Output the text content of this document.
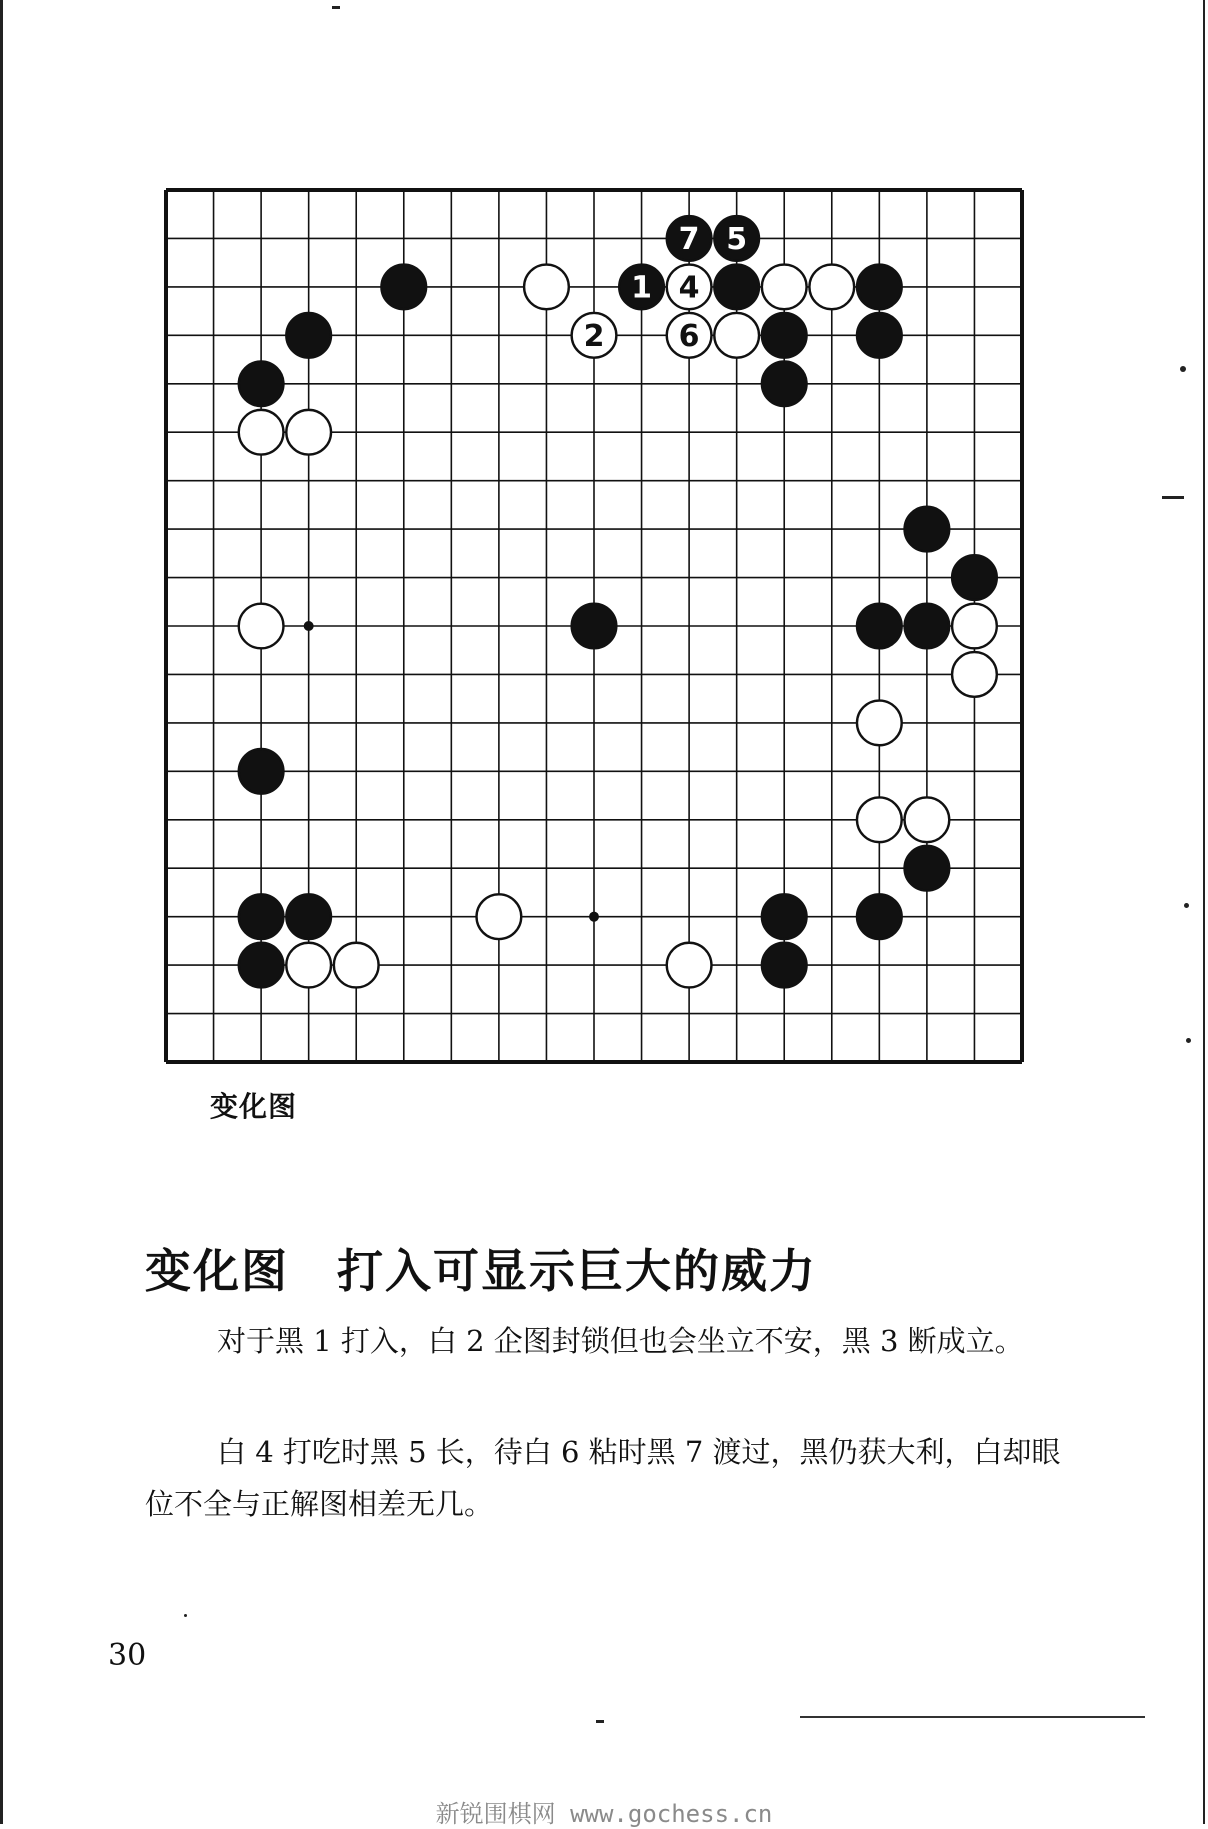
1
2
4
5
6
7
变化图
变化图 打入可显示巨大的威力
对于黑 1 打入，白 2 企图封锁但也会坐立不安，黑 3 断成立。
白 4 打吃时黑 5 长，待白 6 粘时黑 7 渡过，黑仍获大利，白却眼位不全与正解图相差无几。
30
新锐围棋网 www.gochess.cn
